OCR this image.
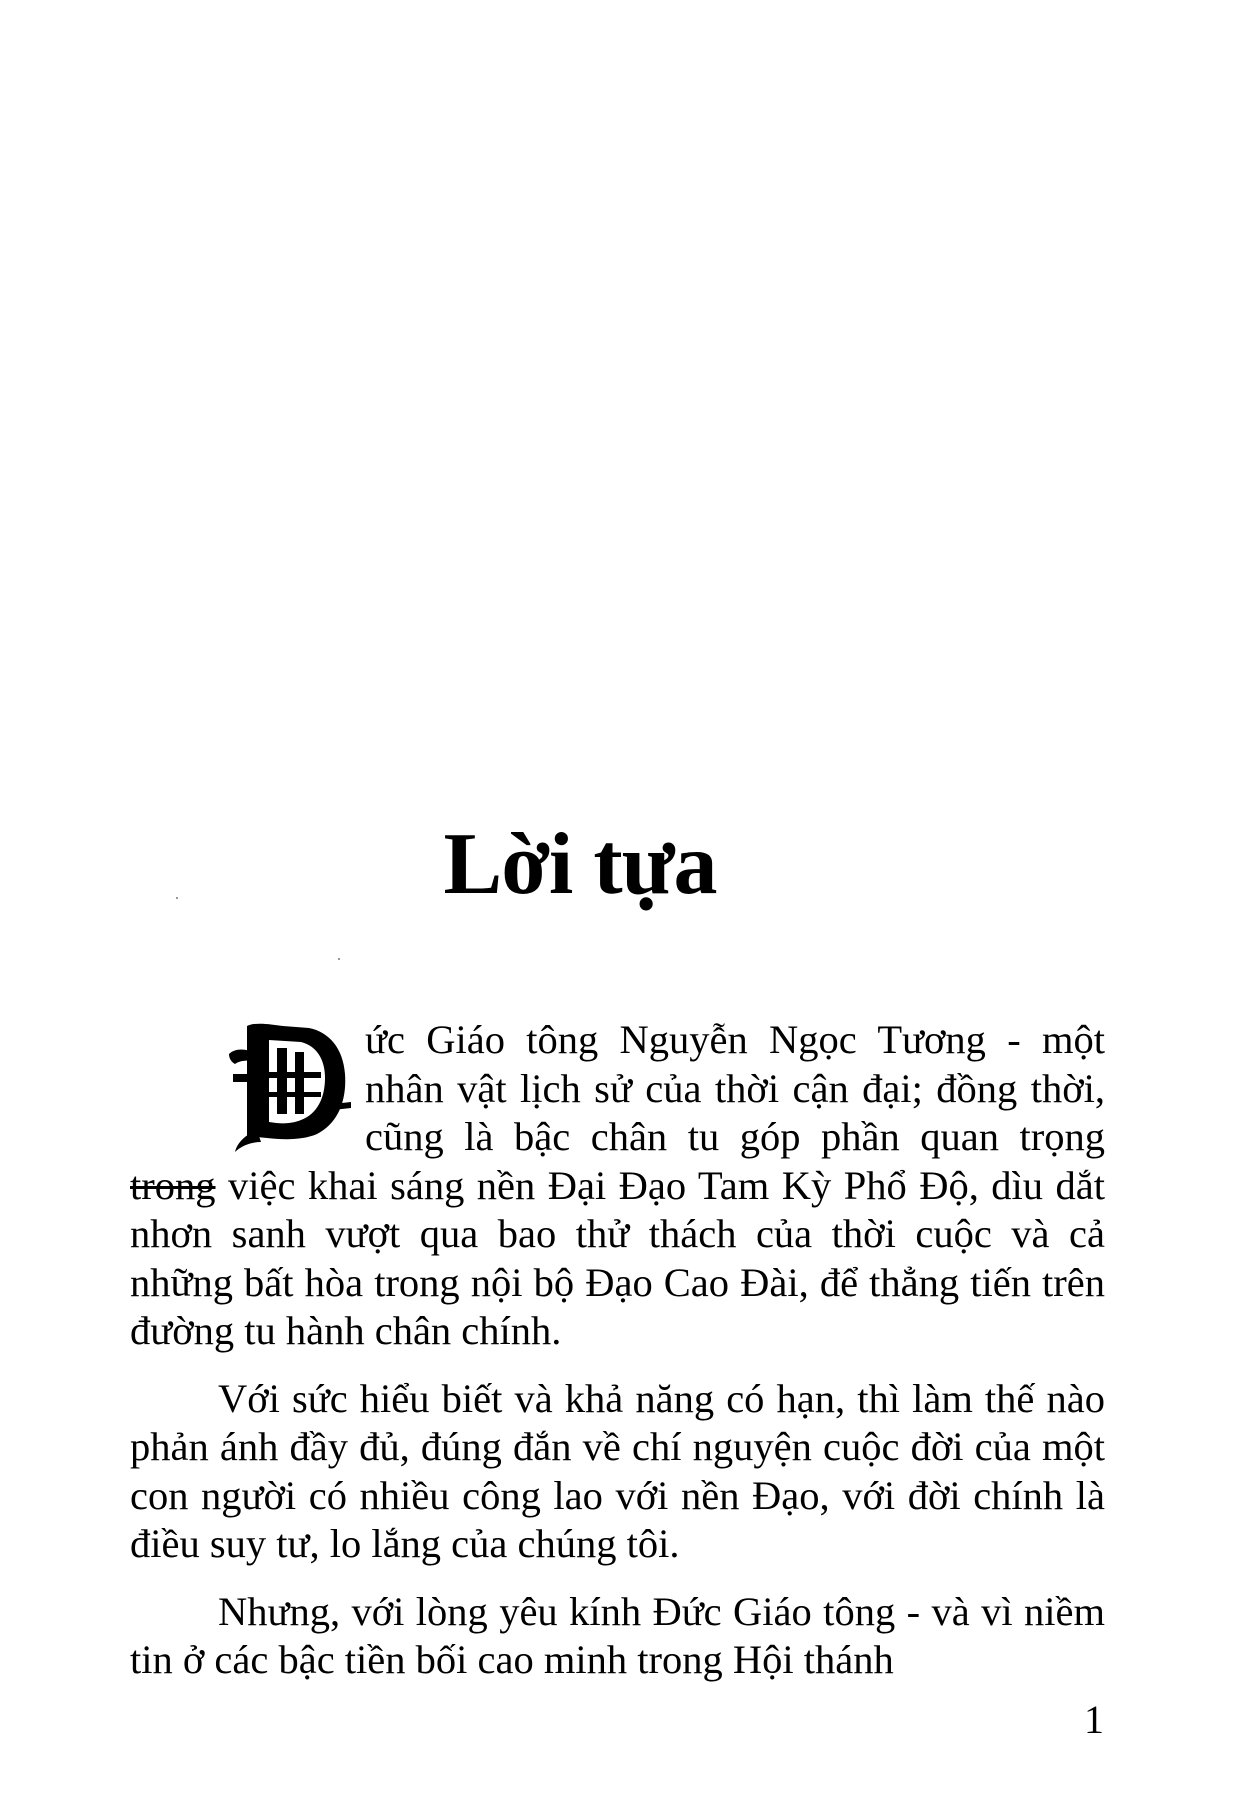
Lời tựa

ức Giáo tông Nguyễn Ngọc Tương - một nhân vật lịch sử của thời cận đại; đồng thời, cũng là bậc chân tu góp phần quan trọng trong việc khai sáng nền Đại Đạo Tam Kỳ Phổ Độ, dìu dắt nhơn sanh vượt qua bao thử thách của thời cuộc và cả những bất hòa trong nội bộ Đạo Cao Đài, để thẳng tiến trên đường tu hành chân chính.

Với sức hiểu biết và khả năng có hạn, thì làm thế nào phản ánh đầy đủ, đúng đắn về chí nguyện cuộc đời của một con người có nhiều công lao với nền Đạo, với đời chính là điều suy tư, lo lắng của chúng tôi.

Nhưng, với lòng yêu kính Đức Giáo tông - và vì niềm tin ở các bậc tiền bối cao minh trong Hội thánh

1
